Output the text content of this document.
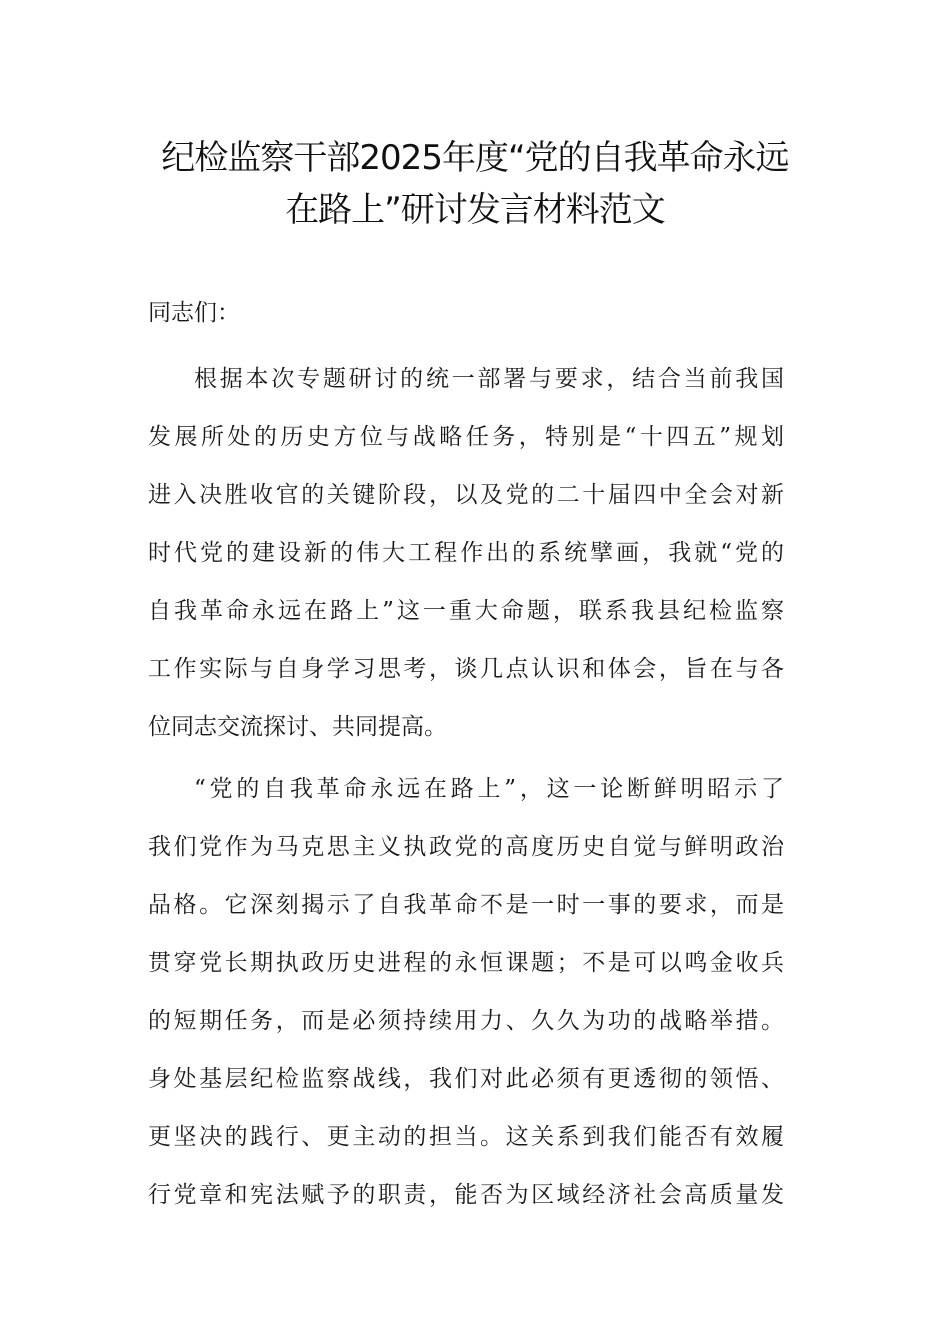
纪检监察干部2025年度“党的自我革命永远
在路上”研讨发言材料范文
同志们：
根据本次专题研讨的统一部署与要求，结合当前我国
发展所处的历史方位与战略任务，特别是“十四五”规划
进入决胜收官的关键阶段，以及党的二十届四中全会对新
时代党的建设新的伟大工程作出的系统擘画，我就“党的
自我革命永远在路上”这一重大命题，联系我县纪检监察
工作实际与自身学习思考，谈几点认识和体会，旨在与各
位同志交流探讨、共同提高。
“党的自我革命永远在路上”，这一论断鲜明昭示了
我们党作为马克思主义执政党的高度历史自觉与鲜明政治
品格。它深刻揭示了自我革命不是一时一事的要求，而是
贯穿党长期执政历史进程的永恒课题；不是可以鸣金收兵
的短期任务，而是必须持续用力、久久为功的战略举措。
身处基层纪检监察战线，我们对此必须有更透彻的领悟、
更坚决的践行、更主动的担当。这关系到我们能否有效履
行党章和宪法赋予的职责，能否为区域经济社会高质量发
